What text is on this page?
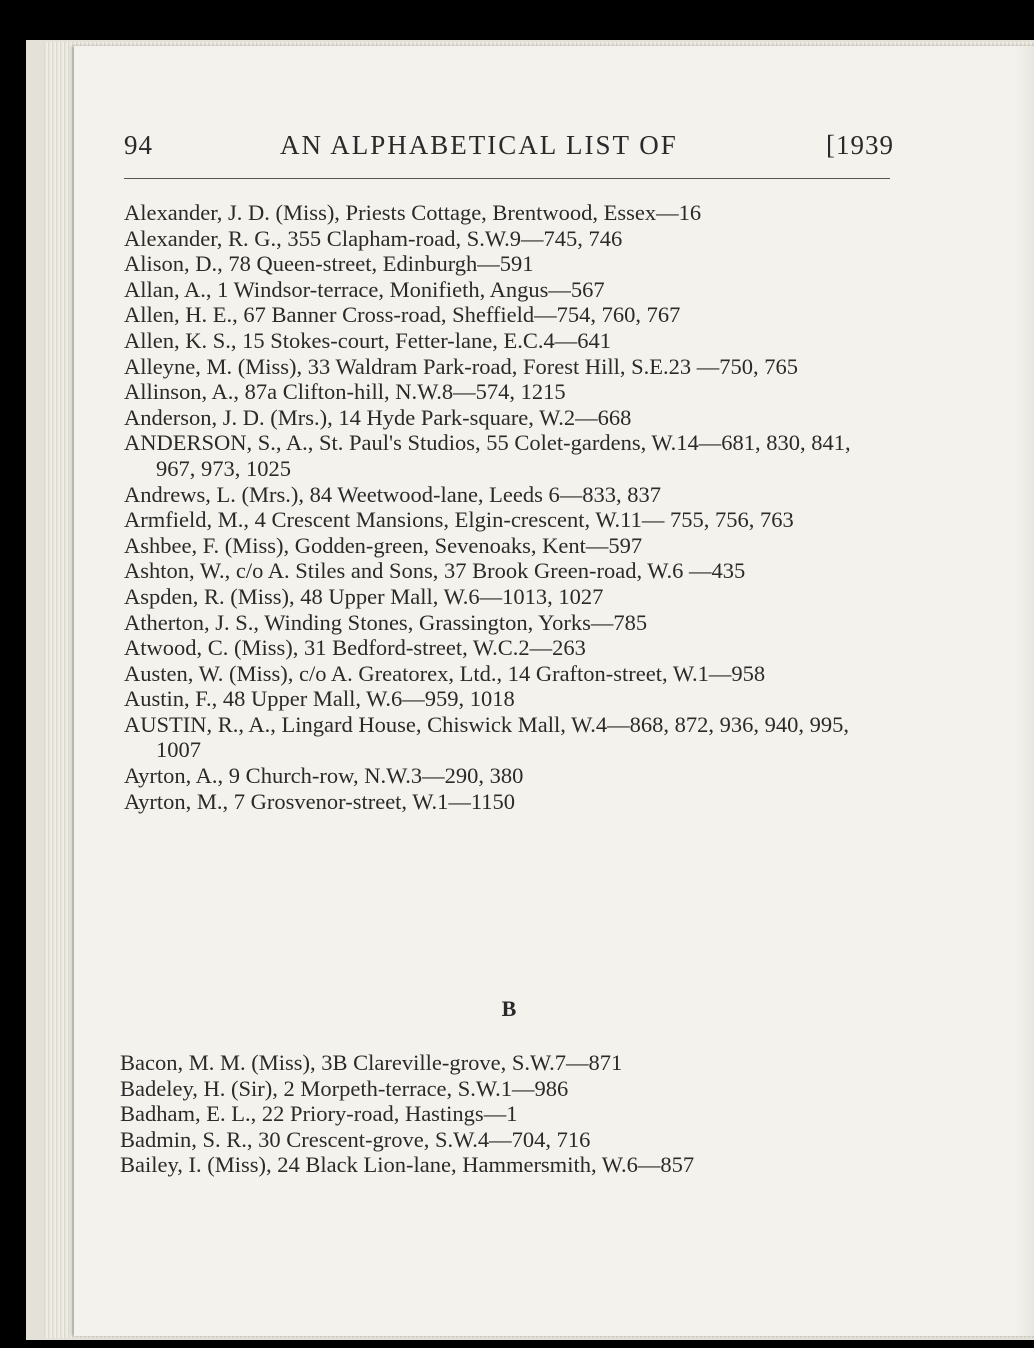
94	AN ALPHABETICAL LIST OF	[1939

Alexander, J. D. (Miss), Priests Cottage, Brentwood, Essex—16

Alexander, R. G., 355 Clapham-road, S.W.9—745, 746

Alison, D., 78 Queen-street, Edinburgh—591

Allan, A., 1 Windsor-terrace, Monifieth, Angus—567

Allen, H. E., 67 Banner Cross-road, Sheffield—754, 760, 767

Allen, K. S., 15 Stokes-court, Fetter-lane, E.C.4—641

Alleyne, M. (Miss), 33 Waldram Park-road, Forest Hill, S.E.23 —750, 765

Allinson, A., 87a Clifton-hill, N.W.8—574, 1215

Anderson, J. D. (Mrs.), 14 Hyde Park-square, W.2—668

ANDERSON, S., A., St. Paul's Studios, 55 Colet-gardens, W.14—681, 830, 841, 967, 973, 1025

Andrews, L. (Mrs.), 84 Weetwood-lane, Leeds 6—833, 837

Armfield, M., 4 Crescent Mansions, Elgin-crescent, W.11— 755, 756, 763

Ashbee, F. (Miss), Godden-green, Sevenoaks, Kent—597

Ashton, W., c/o A. Stiles and Sons, 37 Brook Green-road, W.6 —435

Aspden, R. (Miss), 48 Upper Mall, W.6—1013, 1027

Atherton, J. S., Winding Stones, Grassington, Yorks—785

Atwood, C. (Miss), 31 Bedford-street, W.C.2—263

Austen, W. (Miss), c/o A. Greatorex, Ltd., 14 Grafton-street, W.1—958

Austin, F., 48 Upper Mall, W.6—959, 1018

AUSTIN, R., A., Lingard House, Chiswick Mall, W.4—868, 872, 936, 940, 995, 1007

Ayrton, A., 9 Church-row, N.W.3—290, 380

Ayrton, M., 7 Grosvenor-street, W.1—1150

B

Bacon, M. M. (Miss), 3B Clareville-grove, S.W.7—871

Badeley, H. (Sir), 2 Morpeth-terrace, S.W.1—986

Badham, E. L., 22 Priory-road, Hastings—1

Badmin, S. R., 30 Crescent-grove, S.W.4—704, 716

Bailey, I. (Miss), 24 Black Lion-lane, Hammersmith, W.6—857
